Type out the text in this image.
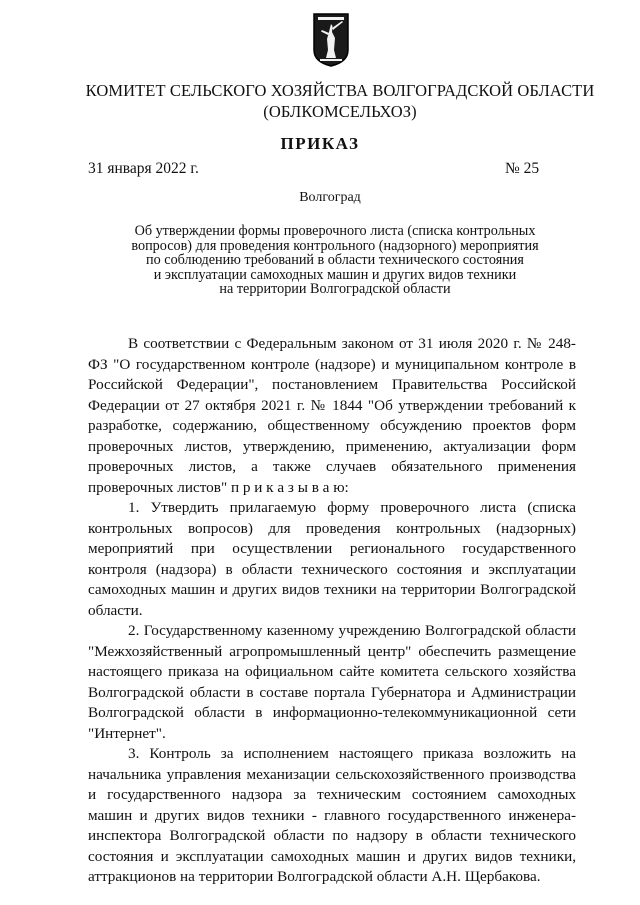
КОМИТЕТ СЕЛЬСКОГО ХОЗЯЙСТВА ВОЛГОГРАДСКОЙ ОБЛАСТИ
(ОБЛКОМСЕЛЬХОЗ)
ПРИКАЗ
31 января 2022 г.	№ 25
Волгоград
Об утверждении формы проверочного листа (списка контрольных
вопросов) для проведения контрольного (надзорного) мероприятия
по соблюдению требований в области технического состояния
и эксплуатации самоходных машин и других видов техники
на территории Волгоградской области

В соответствии с Федеральным законом от 31 июля 2020 г. № 248-ФЗ "О государственном контроле (надзоре) и муниципальном контроле в Российской Федерации", постановлением Правительства Российской Федерации от 27 октября 2021 г. № 1844 "Об утверждении требований к разработке, содержанию, общественному обсуждению проектов форм проверочных листов, утверждению, применению, актуализации форм проверочных листов, а также случаев обязательного применения проверочных листов" п р и к а з ы в а ю:

1. Утвердить прилагаемую форму проверочного листа (списка контрольных вопросов) для проведения контрольных (надзорных) мероприятий при осуществлении регионального государственного контроля (надзора) в области технического состояния и эксплуатации самоходных машин и других видов техники на территории Волгоградской области.

2. Государственному казенному учреждению Волгоградской области "Межхозяйственный агропромышленный центр" обеспечить размещение настоящего приказа на официальном сайте комитета сельского хозяйства Волгоградской области в составе портала Губернатора и Администрации Волгоградской области в информационно-телекоммуникационной сети "Интернет".

3. Контроль за исполнением настоящего приказа возложить на начальника управления механизации сельскохозяйственного производства и государственного надзора за техническим состоянием самоходных машин и других видов техники - главного государственного инженера-инспектора Волгоградской области по надзору в области технического состояния и эксплуатации самоходных машин и других видов техники, аттракционов на территории Волгоградской области А.Н. Щербакова.
